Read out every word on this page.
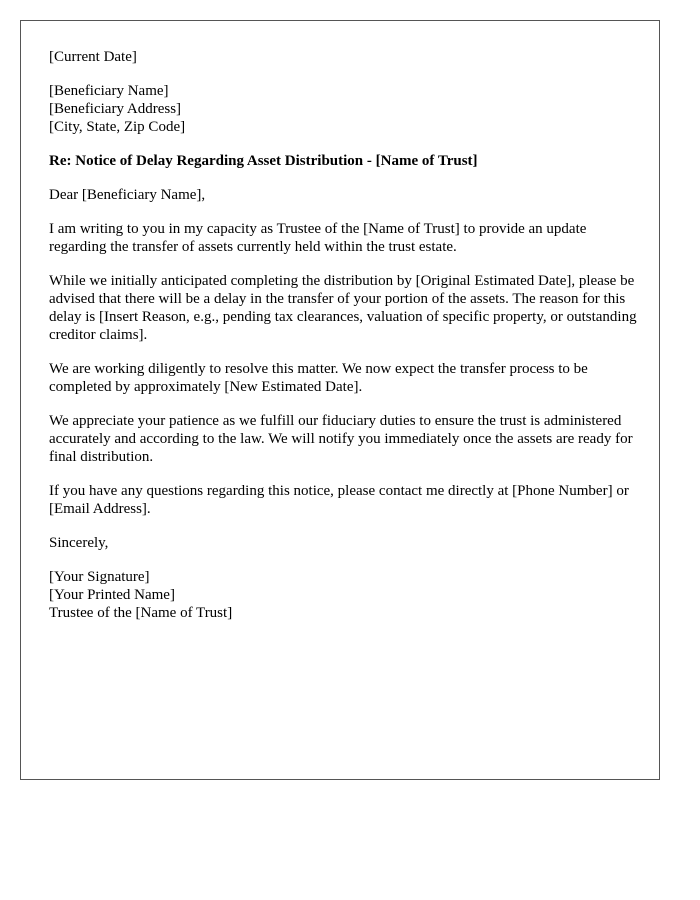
[Current Date]

[Beneficiary Name]
[Beneficiary Address]
[City, State, Zip Code]

Re: Notice of Delay Regarding Asset Distribution - [Name of Trust]

Dear [Beneficiary Name],

I am writing to you in my capacity as Trustee of the [Name of Trust] to provide an update regarding the transfer of assets currently held within the trust estate.

While we initially anticipated completing the distribution by [Original Estimated Date], please be advised that there will be a delay in the transfer of your portion of the assets. The reason for this delay is [Insert Reason, e.g., pending tax clearances, valuation of specific property, or outstanding creditor claims].

We are working diligently to resolve this matter. We now expect the transfer process to be completed by approximately [New Estimated Date].

We appreciate your patience as we fulfill our fiduciary duties to ensure the trust is administered accurately and according to the law. We will notify you immediately once the assets are ready for final distribution.

If you have any questions regarding this notice, please contact me directly at [Phone Number] or [Email Address].

Sincerely,

[Your Signature]
[Your Printed Name]
Trustee of the [Name of Trust]
